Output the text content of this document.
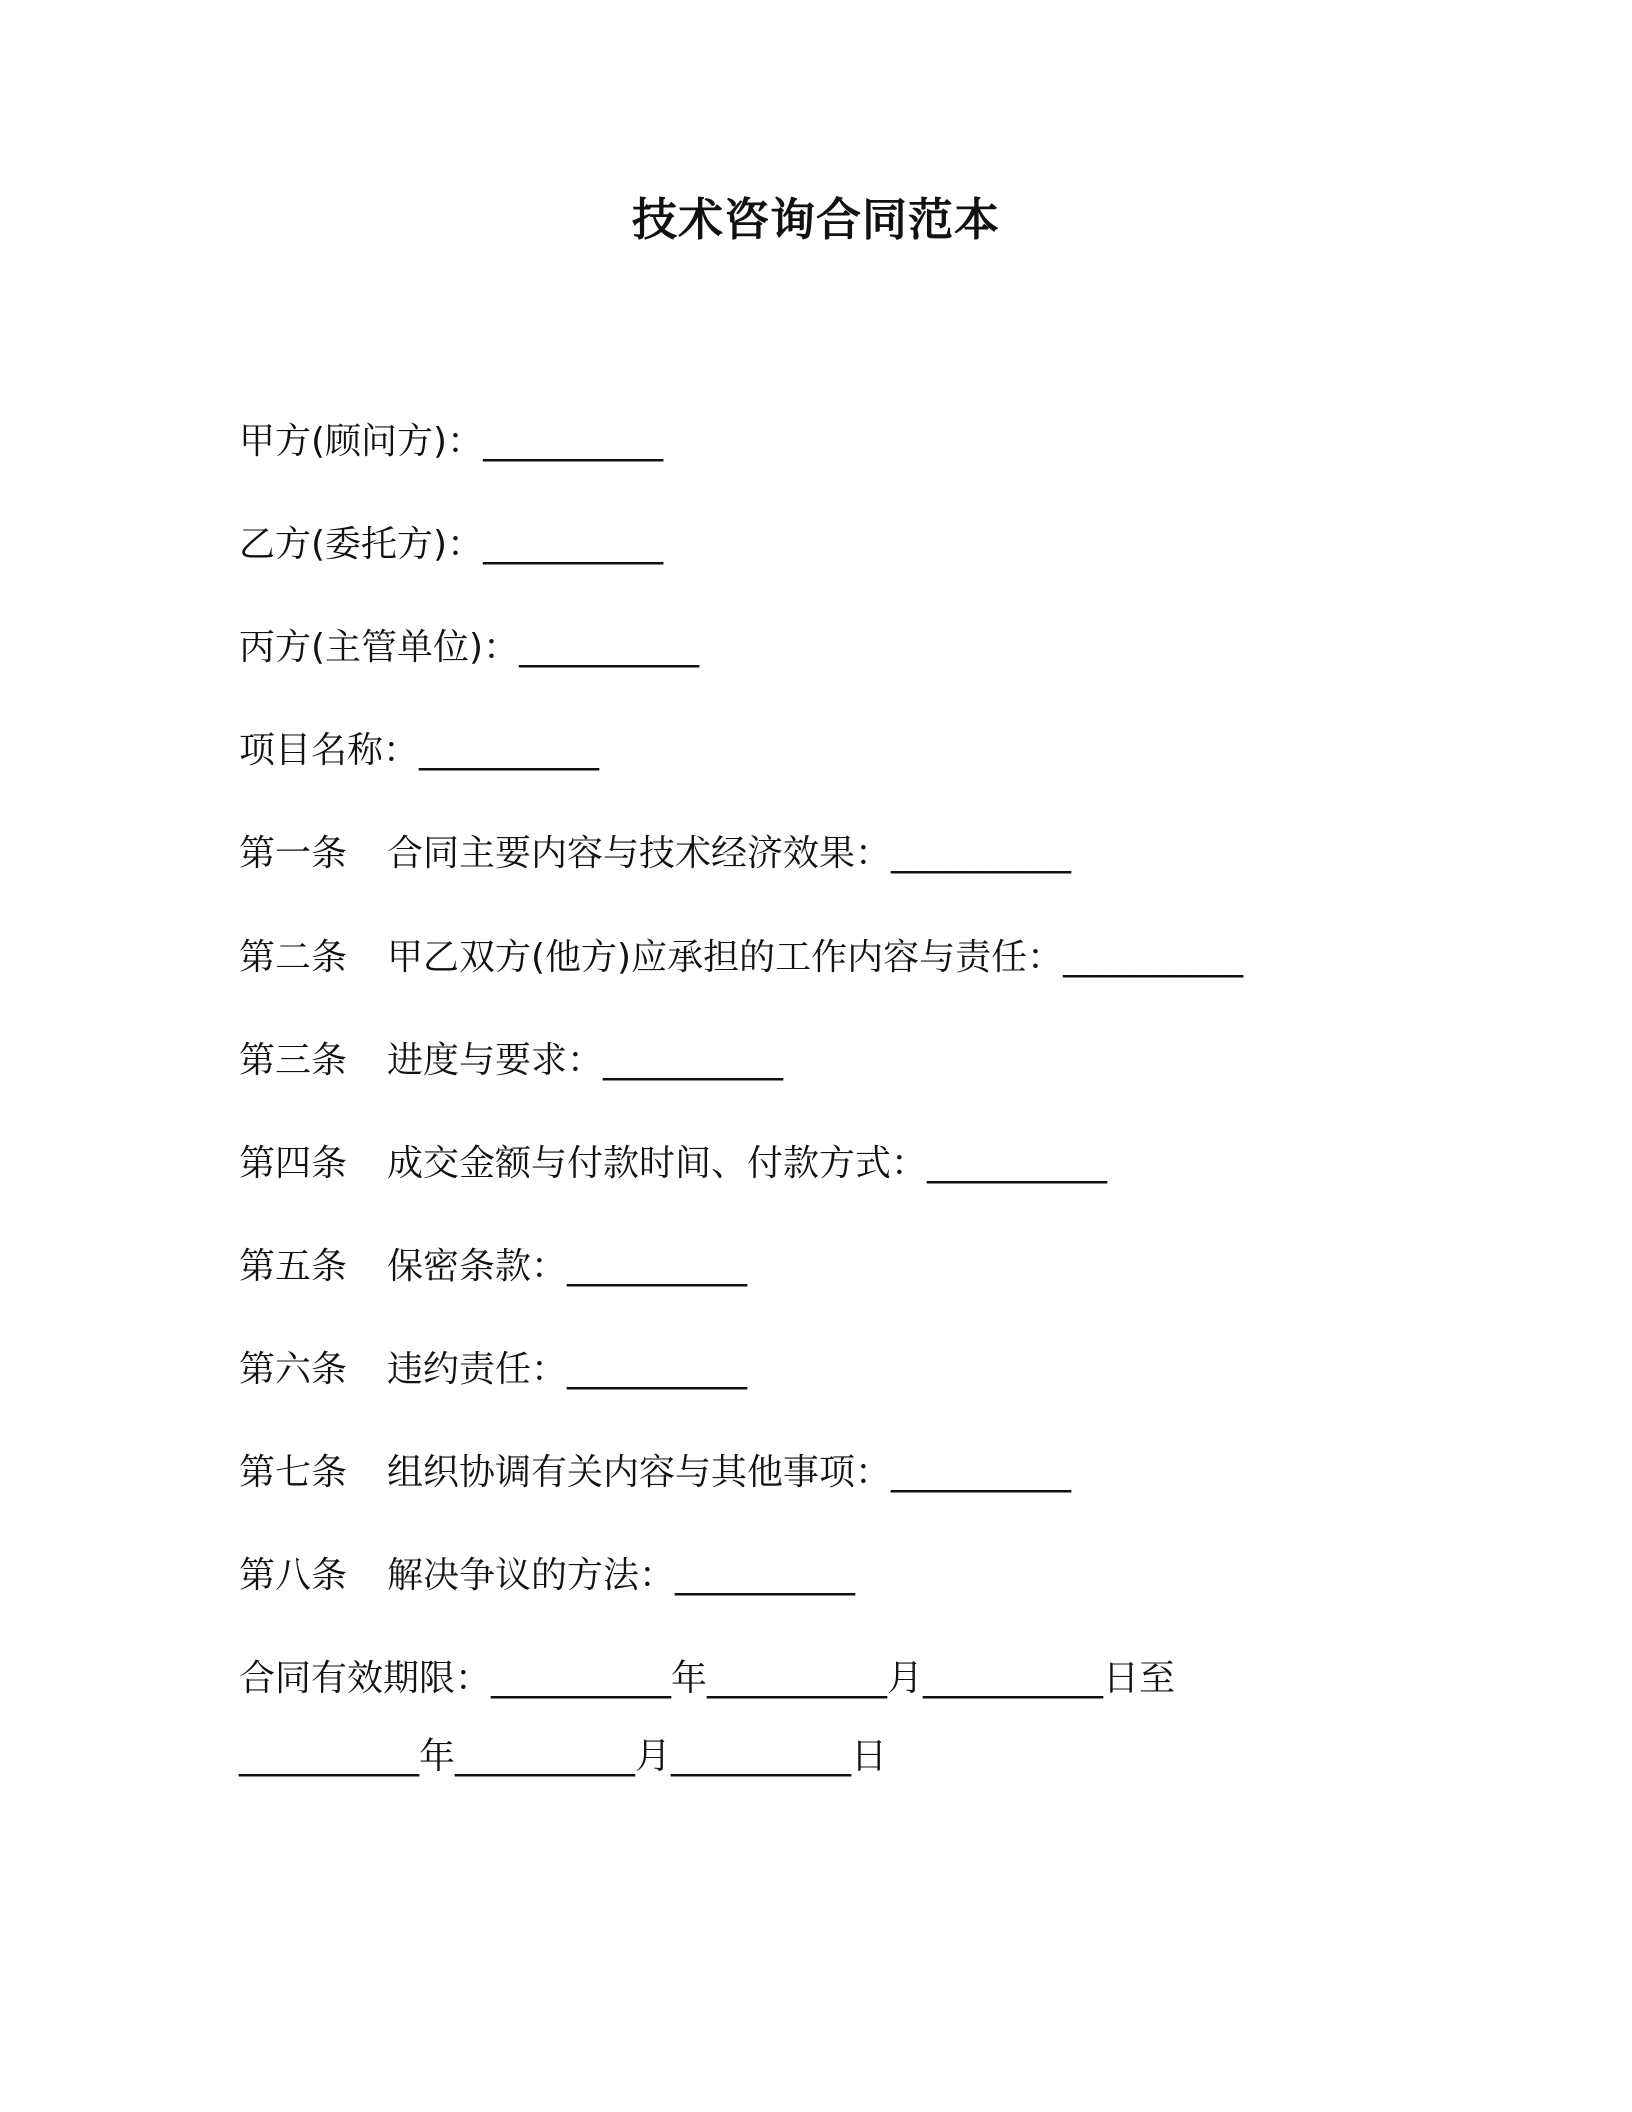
技术咨询合同范本
甲方(顾问方)：__________
乙方(委托方)：__________
丙方(主管单位)：__________
项目名称：__________
第一条 合同主要内容与技术经济效果：__________
第二条 甲乙双方(他方)应承担的工作内容与责任：__________
第三条 进度与要求：__________
第四条 成交金额与付款时间、付款方式：__________
第五条 保密条款：__________
第六条 违约责任：__________
第七条 组织协调有关内容与其他事项：__________
第八条 解决争议的方法：__________
合同有效期限：__________年__________月__________日至
__________年__________月__________日
